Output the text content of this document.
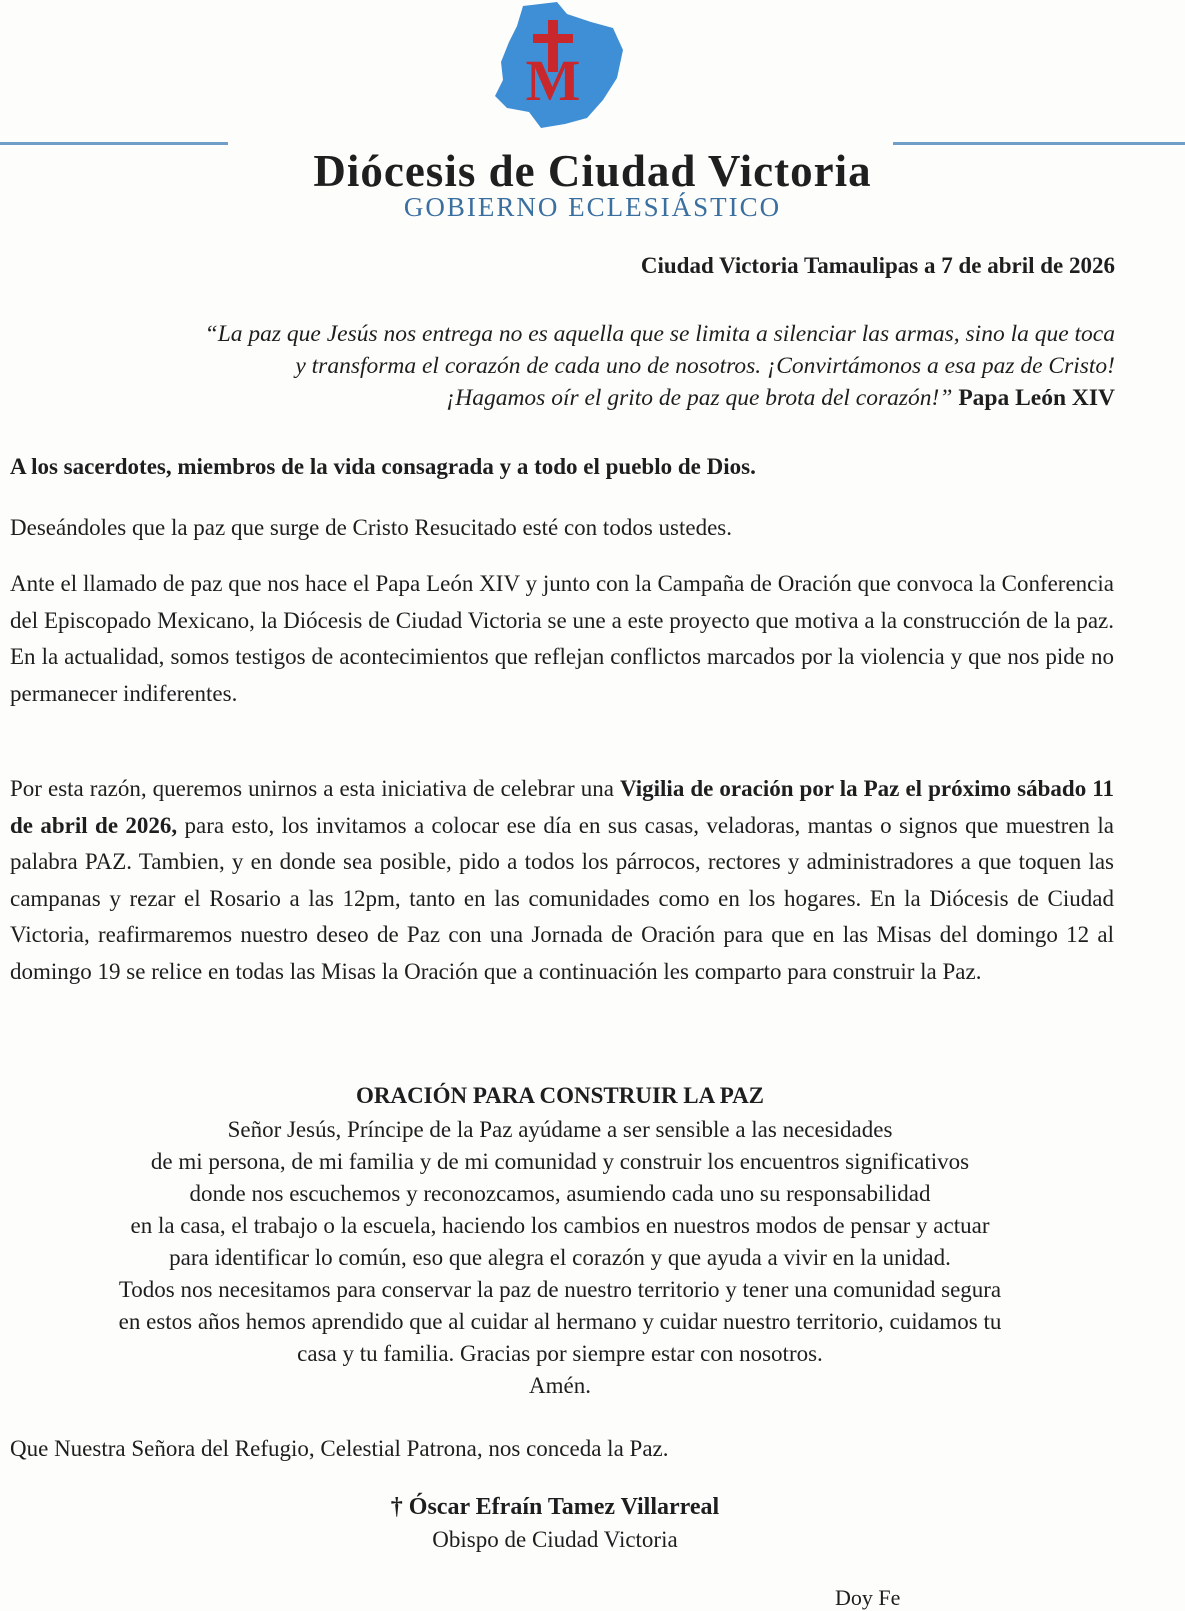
M
Diócesis de Ciudad Victoria
GOBIERNO ECLESIÁSTICO
Ciudad Victoria Tamaulipas a 7 de abril de 2026
“La paz que Jesús nos entrega no es aquella que se limita a silenciar las armas, sino la que toca
y transforma el corazón de cada uno de nosotros. ¡Convirtámonos a esa paz de Cristo!
¡Hagamos oír el grito de paz que brota del corazón!” Papa León XIV
A los sacerdotes, miembros de la vida consagrada y a todo el pueblo de Dios.
Deseándoles que la paz que surge de Cristo Resucitado esté con todos ustedes.
Ante el llamado de paz que nos hace el Papa León XIV y junto con la Campaña de Oración que convoca la Conferencia del Episcopado Mexicano, la Diócesis de Ciudad Victoria se une a este proyecto que motiva a la construcción de la paz. En la actualidad, somos testigos de acontecimientos que reflejan conflictos marcados por la violencia y que nos pide no permanecer indiferentes.
Por esta razón, queremos unirnos a esta iniciativa de celebrar una Vigilia de oración por la Paz el próximo sábado 11 de abril de 2026, para esto, los invitamos a colocar ese día en sus casas, veladoras, mantas o signos que muestren la palabra PAZ. Tambien, y en donde sea posible, pido a todos los párrocos, rectores y administradores a que toquen las campanas y rezar el Rosario a las 12pm, tanto en las comunidades como en los hogares. En la Diócesis de Ciudad Victoria, reafirmaremos nuestro deseo de Paz con una Jornada de Oración para que en las Misas del domingo 12 al domingo 19 se relice en todas las Misas la Oración que a continuación les comparto para construir la Paz.
ORACIÓN PARA CONSTRUIR LA PAZ
Señor Jesús, Príncipe de la Paz ayúdame a ser sensible a las necesidades
de mi persona, de mi familia y de mi comunidad y construir los encuentros significativos
donde nos escuchemos y reconozcamos, asumiendo cada uno su responsabilidad
en la casa, el trabajo o la escuela, haciendo los cambios en nuestros modos de pensar y actuar
para identificar lo común, eso que alegra el corazón y que ayuda a vivir en la unidad.
Todos nos necesitamos para conservar la paz de nuestro territorio y tener una comunidad segura
en estos años hemos aprendido que al cuidar al hermano y cuidar nuestro territorio, cuidamos tu
casa y tu familia. Gracias por siempre estar con nosotros.
Amén.
Que Nuestra Señora del Refugio, Celestial Patrona, nos conceda la Paz.
† Óscar Efraín Tamez Villarreal
Obispo de Ciudad Victoria
Doy Fe
